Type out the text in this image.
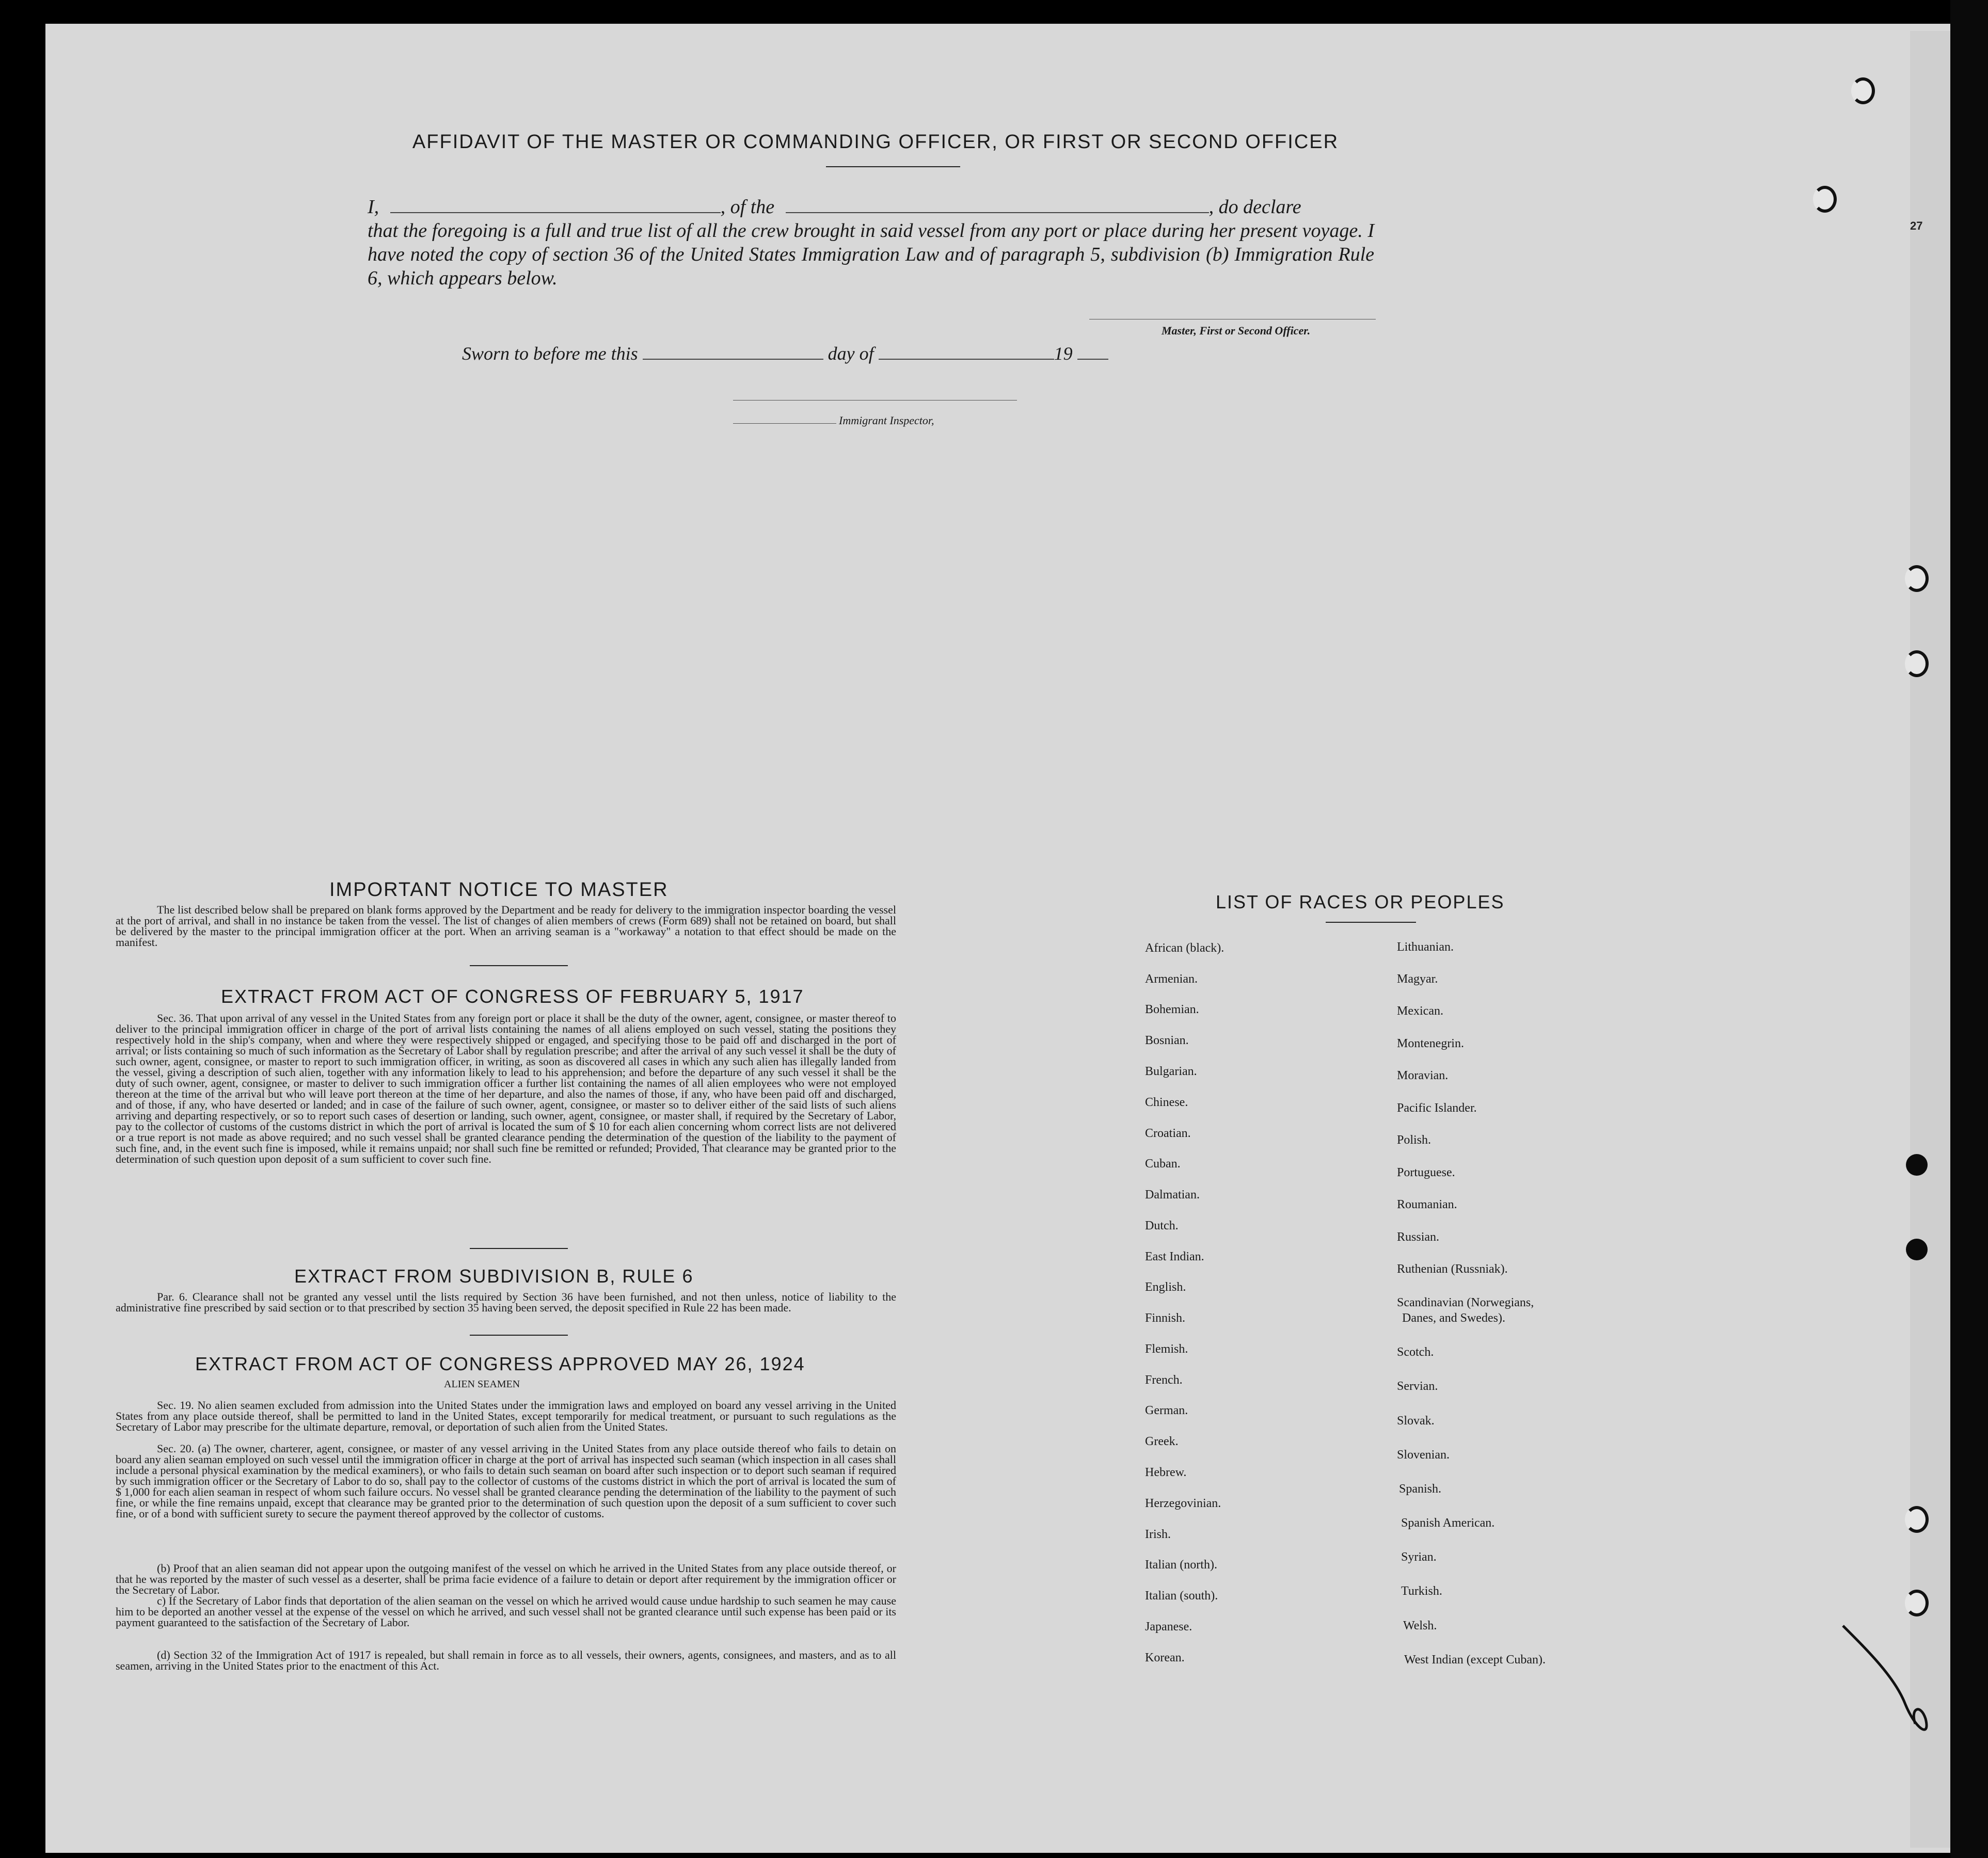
27
AFFIDAVIT OF THE MASTER OR COMMANDING OFFICER, OR FIRST OR SECOND OFFICER
I,	, of the	, do declare
that the foregoing is a full and true list of all the crew brought in said vessel from any port or place during her present voyage. I have noted the copy of section 36 of the United States Immigration Law and of paragraph 5, subdivision (b) Immigration Rule 6, which appears below.
Master, First or Second Officer.
Sworn to before me this	day of	19
Immigrant Inspector,
IMPORTANT NOTICE TO MASTER
The list described below shall be prepared on blank forms approved by the Department and be ready for delivery to the immigration inspector boarding the vessel at the port of arrival, and shall in no instance be taken from the vessel. The list of changes of alien members of crews (Form 689) shall not be retained on board, but shall be delivered by the master to the principal immigration officer at the port. When an arriving seaman is a "workaway" a notation to that effect should be made on the manifest.
EXTRACT FROM ACT OF CONGRESS OF FEBRUARY 5, 1917
Sec. 36. That upon arrival of any vessel in the United States from any foreign port or place it shall be the duty of the owner, agent, consignee, or master thereof to deliver to the principal immigration officer in charge of the port of arrival lists containing the names of all aliens employed on such vessel, stating the positions they respectively hold in the ship's company, when and where they were respectively shipped or engaged, and specifying those to be paid off and discharged in the port of arrival; or lists containing so much of such information as the Secretary of Labor shall by regulation prescribe; and after the arrival of any such vessel it shall be the duty of such owner, agent, consignee, or master to report to such immigration officer, in writing, as soon as discovered all cases in which any such alien has illegally landed from the vessel, giving a description of such alien, together with any information likely to lead to his apprehension; and before the departure of any such vessel it shall be the duty of such owner, agent, consignee, or master to deliver to such immigration officer a further list containing the names of all alien employees who were not employed thereon at the time of the arrival but who will leave port thereon at the time of her departure, and also the names of those, if any, who have been paid off and discharged, and of those, if any, who have deserted or landed; and in case of the failure of such owner, agent, consignee, or master so to deliver either of the said lists of such aliens arriving and departing respectively, or so to report such cases of desertion or landing, such owner, agent, consignee, or master shall, if required by the Secretary of Labor, pay to the collector of customs of the customs district in which the port of arrival is located the sum of $ 10 for each alien concerning whom correct lists are not delivered or a true report is not made as above required; and no such vessel shall be granted clearance pending the determination of the question of the liability to the payment of such fine, and, in the event such fine is imposed, while it remains unpaid; nor shall such fine be remitted or refunded; Provided, That clearance may be granted prior to the determination of such question upon deposit of a sum sufficient to cover such fine.
EXTRACT FROM SUBDIVISION B, RULE 6
Par. 6. Clearance shall not be granted any vessel until the lists required by Section 36 have been furnished, and not then unless, notice of liability to the administrative fine prescribed by said section or to that prescribed by section 35 having been served, the deposit specified in Rule 22 has been made.
EXTRACT FROM ACT OF CONGRESS APPROVED MAY 26, 1924
ALIEN SEAMEN
Sec. 19. No alien seamen excluded from admission into the United States under the immigration laws and employed on board any vessel arriving in the United States from any place outside thereof, shall be permitted to land in the United States, except temporarily for medical treatment, or pursuant to such regulations as the Secretary of Labor may prescribe for the ultimate departure, removal, or deportation of such alien from the United States.
Sec. 20. (a) The owner, charterer, agent, consignee, or master of any vessel arriving in the United States from any place outside thereof who fails to detain on board any alien seaman employed on such vessel until the immigration officer in charge at the port of arrival has inspected such seaman (which inspection in all cases shall include a personal physical examination by the medical examiners), or who fails to detain such seaman on board after such inspection or to deport such seaman if required by such immigration officer or the Secretary of Labor to do so, shall pay to the collector of customs of the customs district in which the port of arrival is located the sum of $ 1,000 for each alien seaman in respect of whom such failure occurs. No vessel shall be granted clearance pending the determination of the liability to the payment of such fine, or while the fine remains unpaid, except that clearance may be granted prior to the determination of such question upon the deposit of a sum sufficient to cover such fine, or of a bond with sufficient surety to secure the payment thereof approved by the collector of customs.
(b) Proof that an alien seaman did not appear upon the outgoing manifest of the vessel on which he arrived in the United States from any place outside thereof, or that he was reported by the master of such vessel as a deserter, shall be prima facie evidence of a failure to detain or deport after requirement by the immigration officer or the Secretary of Labor.
c) If the Secretary of Labor finds that deportation of the alien seaman on the vessel on which he arrived would cause undue hardship to such seamen he may cause him to be deported an another vessel at the expense of the vessel on which he arrived, and such vessel shall not be granted clearance until such expense has been paid or its payment guaranteed to the satisfaction of the Secretary of Labor.
(d) Section 32 of the Immigration Act of 1917 is repealed, but shall remain in force as to all vessels, their owners, agents, consignees, and masters, and as to all seamen, arriving in the United States prior to the enactment of this Act.
LIST OF RACES OR PEOPLES
African (black).
Armenian.
Bohemian.
Bosnian.
Bulgarian.
Chinese.
Croatian.
Cuban.
Dalmatian.
Dutch.
East Indian.
English.
Finnish.
Flemish.
French.
German.
Greek.
Hebrew.
Herzegovinian.
Irish.
Italian (north).
Italian (south).
Japanese.
Korean.
Lithuanian.
Magyar.
Mexican.
Montenegrin.
Moravian.
Pacific Islander.
Polish.
Portuguese.
Roumanian.
Russian.
Ruthenian (Russniak).
Scandinavian (Norwegians,
Danes, and Swedes).
Scotch.
Servian.
Slovak.
Slovenian.
Spanish.
Spanish American.
Syrian.
Turkish.
Welsh.
West Indian (except Cuban).
